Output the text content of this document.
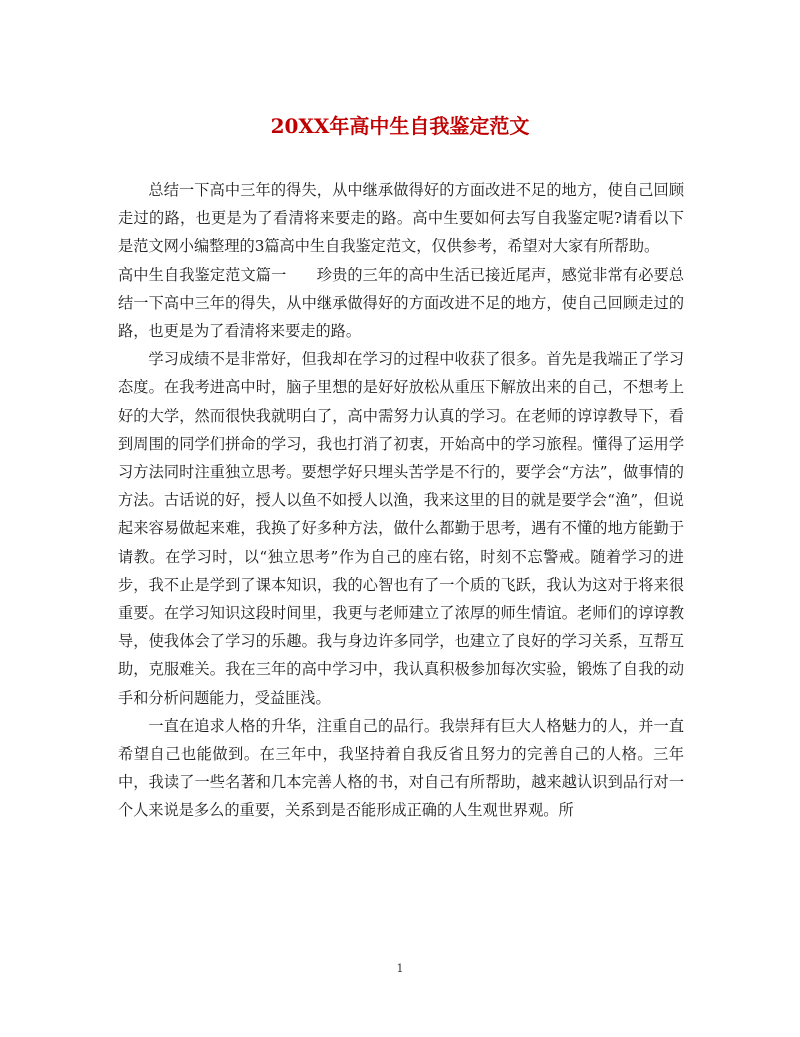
20XX年高中生自我鉴定范文

总结一下高中三年的得失，从中继承做得好的方面改进不足的地方，使自己回顾走过的路，也更是为了看清将来要走的路。高中生要如何去写自我鉴定呢?请看以下是范文网小编整理的3篇高中生自我鉴定范文，仅供参考，希望对大家有所帮助。

高中生自我鉴定范文篇一 珍贵的三年的高中生活已接近尾声，感觉非常有必要总结一下高中三年的得失，从中继承做得好的方面改进不足的地方，使自己回顾走过的路，也更是为了看清将来要走的路。

学习成绩不是非常好，但我却在学习的过程中收获了很多。首先是我端正了学习态度。在我考进高中时，脑子里想的是好好放松从重压下解放出来的自己，不想考上好的大学，然而很快我就明白了，高中需努力认真的学习。在老师的谆谆教导下，看到周围的同学们拼命的学习，我也打消了初衷，开始高中的学习旅程。懂得了运用学习方法同时注重独立思考。要想学好只埋头苦学是不行的，要学会“方法”，做事情的方法。古话说的好，授人以鱼不如授人以渔，我来这里的目的就是要学会“渔”，但说起来容易做起来难，我换了好多种方法，做什么都勤于思考，遇有不懂的地方能勤于请教。在学习时，以“独立思考”作为自己的座右铭，时刻不忘警戒。随着学习的进步，我不止是学到了课本知识，我的心智也有了一个质的飞跃，我认为这对于将来很重要。在学习知识这段时间里，我更与老师建立了浓厚的师生情谊。老师们的谆谆教导，使我体会了学习的乐趣。我与身边许多同学，也建立了良好的学习关系，互帮互助，克服难关。我在三年的高中学习中，我认真积极参加每次实验，锻炼了自我的动手和分析问题能力，受益匪浅。

一直在追求人格的升华，注重自己的品行。我崇拜有巨大人格魅力的人，并一直希望自己也能做到。在三年中，我坚持着自我反省且努力的完善自己的人格。三年中，我读了一些名著和几本完善人格的书，对自己有所帮助，越来越认识到品行对一个人来说是多么的重要，关系到是否能形成正确的人生观世界观。所

1
